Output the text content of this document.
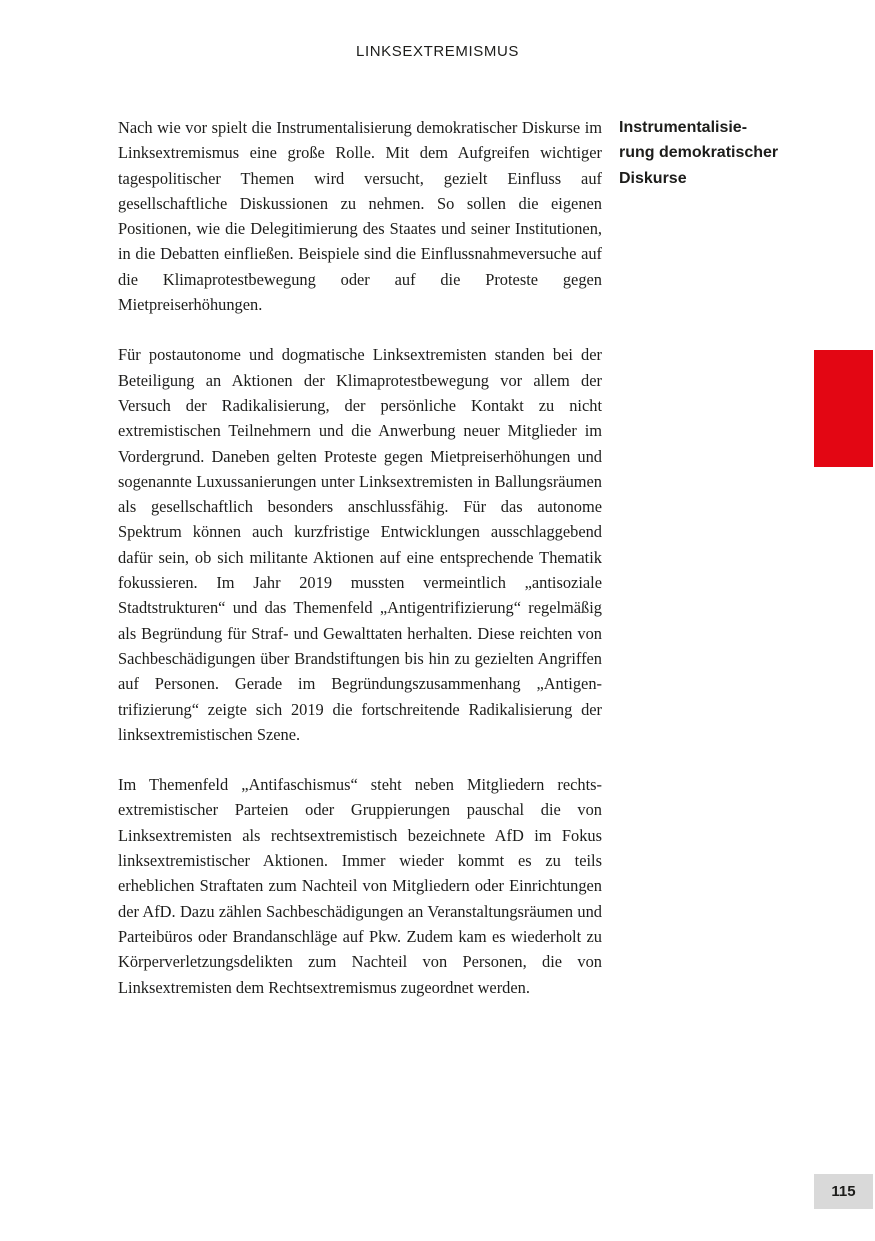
LINKSEXTREMISMUS

Nach wie vor spielt die Instrumentalisierung demokratischer Diskurse im Linksextremismus eine große Rolle. Mit dem Aufgreifen wichtiger tagespolitischer Themen wird versucht, gezielt Einfluss auf gesellschaftliche Diskussionen zu nehmen. So sollen die eigenen Positionen, wie die Delegitimierung des Staates und seiner Institutionen, in die Debatten einfließen. Beispiele sind die Einflussnahmeversuche auf die Klimaprotestbewegung oder auf die Proteste gegen Mietpreiserhöhungen.

Für postautonome und dogmatische Linksextremisten standen bei der Beteiligung an Aktionen der Klimaprotestbewegung vor allem der Versuch der Radikalisierung, der persönliche Kontakt zu nicht extremistischen Teilnehmern und die Anwerbung neuer Mitglieder im Vordergrund. Daneben gelten Proteste gegen Mietpreiserhöhungen und sogenannte Luxussanierungen unter Linksextremisten in Ballungsräumen als gesellschaftlich besonders anschlussfähig. Für das autonome Spektrum können auch kurzfristige Entwicklungen ausschlaggebend dafür sein, ob sich militante Aktionen auf eine entsprechende Thematik fokussieren. Im Jahr 2019 mussten vermeintlich „antisoziale Stadtstrukturen“ und das Themenfeld „Antigentrifizierung“ regelmäßig als Begründung für Straf- und Gewalttaten herhalten. Diese reichten von Sachbeschädigungen über Brandstiftungen bis hin zu gezielten Angriffen auf Personen. Gerade im Begründungszusammenhang „Antigentrifizierung“ zeigte sich 2019 die fortschreitende Radikalisierung der linksextremistischen Szene.

Im Themenfeld „Antifaschismus“ steht neben Mitgliedern rechtsextremistischer Parteien oder Gruppierungen pauschal die von Linksextremisten als rechtsextremistisch bezeichnete AfD im Fokus linksextremistischer Aktionen. Immer wieder kommt es zu teils erheblichen Straftaten zum Nachteil von Mitgliedern oder Einrichtungen der AfD. Dazu zählen Sachbeschädigungen an Veranstaltungsräumen und Parteibüros oder Brandanschläge auf Pkw. Zudem kam es wiederholt zu Körperverletzungsdelikten zum Nachteil von Personen, die von Linksextremisten dem Rechtsextremismus zugeordnet werden.

Instrumentalisie-
rung demokratischer
Diskurse
115
